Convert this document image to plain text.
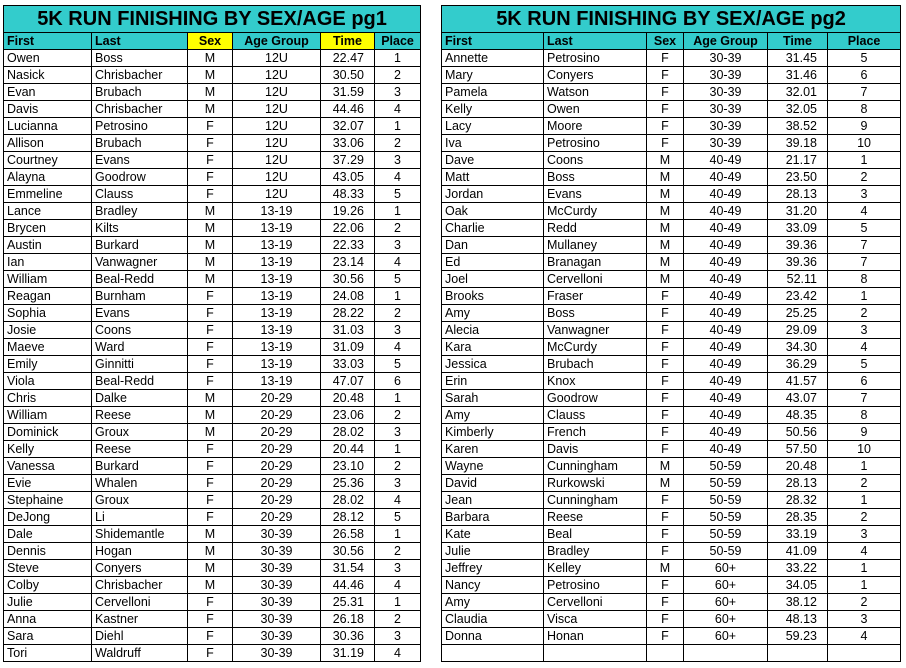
5K RUN FINISHING BY SEX/AGE pg1					
First	Last	Sex	Age Group	Time	Place
Owen	Boss	M	12U	22.47	1
Nasick	Chrisbacher	M	12U	30.50	2
Evan	Brubach	M	12U	31.59	3
Davis	Chrisbacher	M	12U	44.46	4
Lucianna	Petrosino	F	12U	32.07	1
Allison	Brubach	F	12U	33.06	2
Courtney	Evans	F	12U	37.29	3
Alayna	Goodrow	F	12U	43.05	4
Emmeline	Clauss	F	12U	48.33	5
Lance	Bradley	M	13-19	19.26	1
Brycen	Kilts	M	13-19	22.06	2
Austin	Burkard	M	13-19	22.33	3
Ian	Vanwagner	M	13-19	23.14	4
William	Beal-Redd	M	13-19	30.56	5
Reagan	Burnham	F	13-19	24.08	1
Sophia	Evans	F	13-19	28.22	2
Josie	Coons	F	13-19	31.03	3
Maeve	Ward	F	13-19	31.09	4
Emily	Ginnitti	F	13-19	33.03	5
Viola	Beal-Redd	F	13-19	47.07	6
Chris	Dalke	M	20-29	20.48	1
William	Reese	M	20-29	23.06	2
Dominick	Groux	M	20-29	28.02	3
Kelly	Reese	F	20-29	20.44	1
Vanessa	Burkard	F	20-29	23.10	2
Evie	Whalen	F	20-29	25.36	3
Stephaine	Groux	F	20-29	28.02	4
DeJong	Li	F	20-29	28.12	5
Dale	Shidemantle	M	30-39	26.58	1
Dennis	Hogan	M	30-39	30.56	2
Steve	Conyers	M	30-39	31.54	3
Colby	Chrisbacher	M	30-39	44.46	4
Julie	Cervelloni	F	30-39	25.31	1
Anna	Kastner	F	30-39	26.18	2
Sara	Diehl	F	30-39	30.36	3
Tori	Waldruff	F	30-39	31.19	4
5K RUN FINISHING BY SEX/AGE pg2					
First	Last	Sex	Age Group	Time	Place
Annette	Petrosino	F	30-39	31.45	5
Mary	Conyers	F	30-39	31.46	6
Pamela	Watson	F	30-39	32.01	7
Kelly	Owen	F	30-39	32.05	8
Lacy	Moore	F	30-39	38.52	9
Iva	Petrosino	F	30-39	39.18	10
Dave	Coons	M	40-49	21.17	1
Matt	Boss	M	40-49	23.50	2
Jordan	Evans	M	40-49	28.13	3
Oak	McCurdy	M	40-49	31.20	4
Charlie	Redd	M	40-49	33.09	5
Dan	Mullaney	M	40-49	39.36	7
Ed	Branagan	M	40-49	39.36	7
Joel	Cervelloni	M	40-49	52.11	8
Brooks	Fraser	F	40-49	23.42	1
Amy	Boss	F	40-49	25.25	2
Alecia	Vanwagner	F	40-49	29.09	3
Kara	McCurdy	F	40-49	34.30	4
Jessica	Brubach	F	40-49	36.29	5
Erin	Knox	F	40-49	41.57	6
Sarah	Goodrow	F	40-49	43.07	7
Amy	Clauss	F	40-49	48.35	8
Kimberly	French	F	40-49	50.56	9
Karen	Davis	F	40-49	57.50	10
Wayne	Cunningham	M	50-59	20.48	1
David	Rurkowski	M	50-59	28.13	2
Jean	Cunningham	F	50-59	28.32	1
Barbara	Reese	F	50-59	28.35	2
Kate	Beal	F	50-59	33.19	3
Julie	Bradley	F	50-59	41.09	4
Jeffrey	Kelley	M	60+	33.22	1
Nancy	Petrosino	F	60+	34.05	1
Amy	Cervelloni	F	60+	38.12	2
Claudia	Visca	F	60+	48.13	3
Donna	Honan	F	60+	59.23	4
